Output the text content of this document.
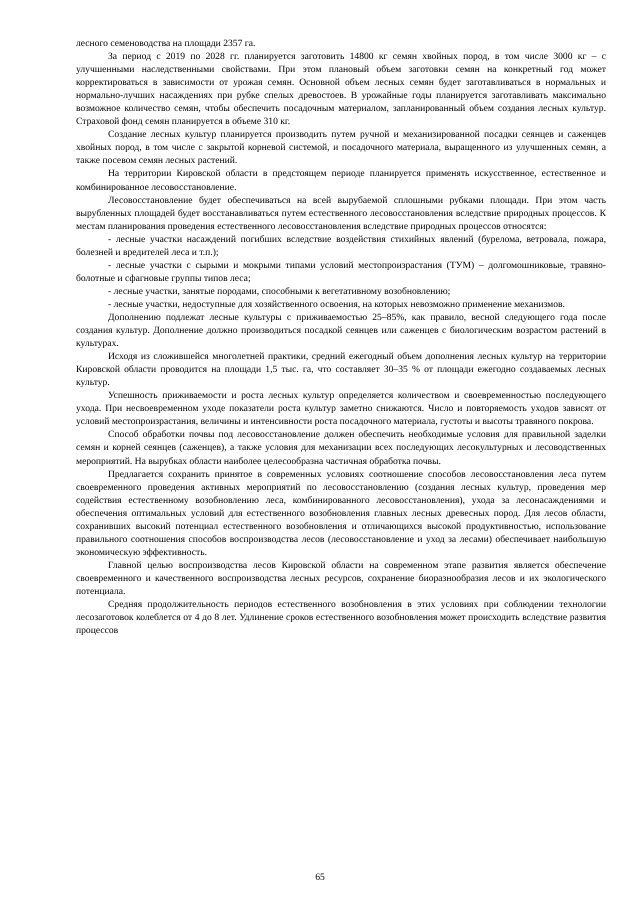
лесного семеноводства на площади 2357 га.

За период с 2019 по 2028 гг. планируется заготовить 14800 кг семян хвойных пород, в том числе 3000 кг – с улучшенными наследственными свойствами. При этом плановый объем заготовки семян на конкретный год может корректироваться в зависимости от урожая семян. Основной объем лесных семян будет заготавливаться в нормальных и нормально-лучших насаждениях при рубке спелых древостоев. В урожайные годы планируется заготавливать максимально возможное количество семян, чтобы обеспечить посадочным материалом, запланированный объем создания лесных культур. Страховой фонд семян планируется в объеме 310 кг.

Создание лесных культур планируется производить путем ручной и механизированной посадки сеянцев и саженцев хвойных пород, в том числе с закрытой корневой системой, и посадочного материала, выращенного из улучшенных семян, а также посевом семян лесных растений.

На территории Кировской области в предстоящем периоде планируется применять искусственное, естественное и комбинированное лесовосстановление.

Лесовосстановление будет обеспечиваться на всей вырубаемой сплошными рубками площади. При этом часть вырубленных площадей будет восстанавливаться путем естественного лесовосстановления вследствие природных процессов. К местам планирования проведения естественного лесовосстановления вследствие природных процессов относятся:

- лесные участки насаждений погибших вследствие воздействия стихийных явлений (бурелома, ветровала, пожара, болезней и вредителей леса и т.п.);

- лесные участки с сырыми и мокрыми типами условий местопроизрастания (ТУМ) – долгомошниковые, травяно-болотные и сфагновые группы типов леса;

- лесные участки, занятые породами, способными к вегетативному возобновлению;

- лесные участки, недоступные для хозяйственного освоения, на которых невозможно применение механизмов.

Дополнению подлежат лесные культуры с приживаемостью 25–85%, как правило, весной следующего года после создания культур. Дополнение должно производиться посадкой сеянцев или саженцев с биологическим возрастом растений в культурах.

Исходя из сложившейся многолетней практики, средний ежегодный объем дополнения лесных культур на территории Кировской области проводится на площади 1,5 тыс. га, что составляет 30–35 % от площади ежегодно создаваемых лесных культур.

Успешность приживаемости и роста лесных культур определяется количеством и своевременностью последующего ухода. При несвоевременном уходе показатели роста культур заметно снижаются. Число и повторяемость уходов зависят от условий местопроизрастания, величины и интенсивности роста посадочного материала, густоты и высоты травяного покрова.

Способ обработки почвы под лесовосстановление должен обеспечить необходимые условия для правильной заделки семян и корней сеянцев (саженцев), а также условия для механизации всех последующих лесокультурных и лесоводственных мероприятий. На вырубках области наиболее целесообразна частичная обработка почвы.

Предлагается сохранить принятое в современных условиях соотношение способов лесовосстановления леса путем своевременного проведения активных мероприятий по лесовосстановлению (создания лесных культур, проведения мер содействия естественному возобновлению леса, комбинированного лесовосстановления), ухода за лесонасаждениями и обеспечения оптимальных условий для естественного возобновления главных лесных древесных пород. Для лесов области, сохранивших высокий потенциал естественного возобновления и отличающихся высокой продуктивностью, использование правильного соотношения способов воспроизводства лесов (лесовосстановление и уход за лесами) обеспечивает наибольшую экономическую эффективность.

Главной целью воспроизводства лесов Кировской области на современном этапе развития является обеспечение своевременного и качественного воспроизводства лесных ресурсов, сохранение биоразнообразия лесов и их экологического потенциала.

Средняя продолжительность периодов естественного возобновления в этих условиях при соблюдении технологии лесозаготовок колеблется от 4 до 8 лет. Удлинение сроков естественного возобновления может происходить вследствие развития процессов

65
